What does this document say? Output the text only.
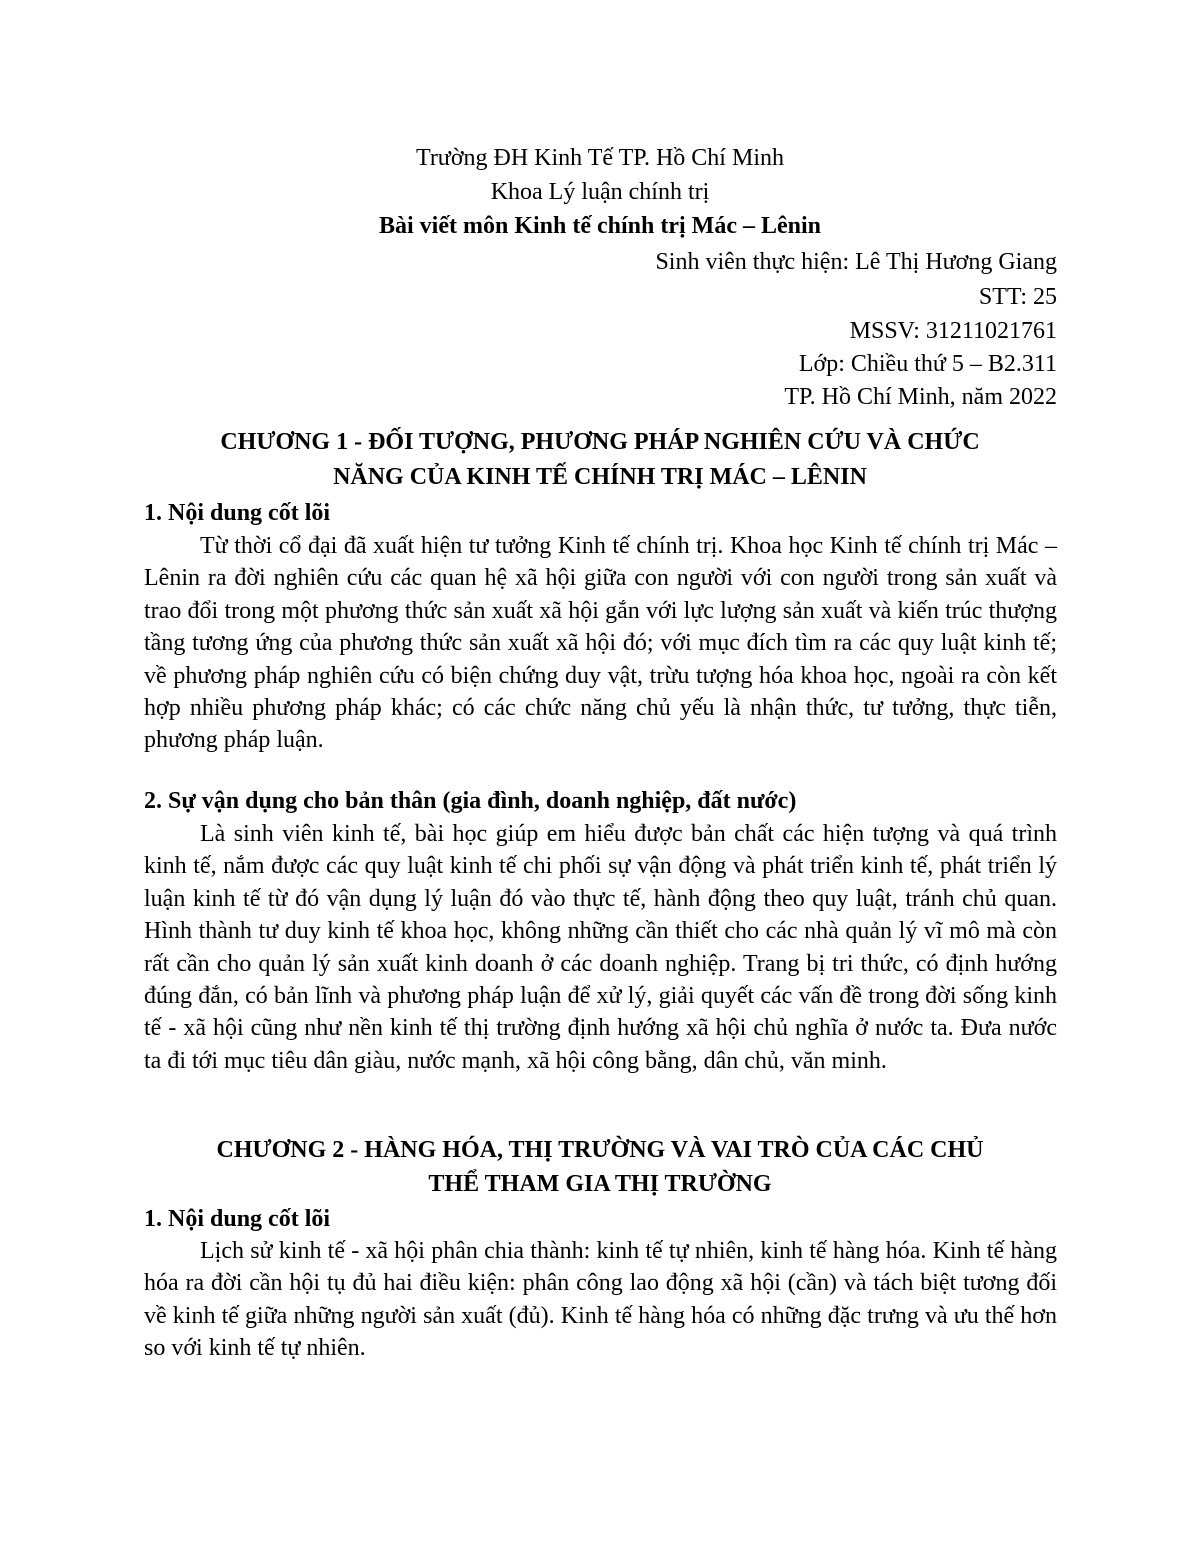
Trường ĐH Kinh Tế TP. Hồ Chí Minh
Khoa Lý luận chính trị
Bài viết môn Kinh tế chính trị Mác – Lênin
Sinh viên thực hiện: Lê Thị Hương Giang
STT: 25
MSSV: 31211021761
Lớp: Chiều thứ 5 – B2.311
TP. Hồ Chí Minh, năm 2022
CHƯƠNG 1 - ĐỐI TƯỢNG, PHƯƠNG PHÁP NGHIÊN CỨU VÀ CHỨC
NĂNG CỦA KINH TẾ CHÍNH TRỊ MÁC – LÊNIN
1. Nội dung cốt lõi

Từ thời cổ đại đã xuất hiện tư tưởng Kinh tế chính trị. Khoa học Kinh tế chính trị Mác – Lênin ra đời nghiên cứu các quan hệ xã hội giữa con người với con người trong sản xuất và trao đổi trong một phương thức sản xuất xã hội gắn với lực lượng sản xuất và kiến trúc thượng tầng tương ứng của phương thức sản xuất xã hội đó; với mục đích tìm ra các quy luật kinh tế; về phương pháp nghiên cứu có biện chứng duy vật, trừu tượng hóa khoa học, ngoài ra còn kết hợp nhiều phương pháp khác; có các chức năng chủ yếu là nhận thức, tư tưởng, thực tiễn, phương pháp luận.

2. Sự vận dụng cho bản thân (gia đình, doanh nghiệp, đất nước)

Là sinh viên kinh tế, bài học giúp em hiểu được bản chất các hiện tượng và quá trình kinh tế, nắm được các quy luật kinh tế chi phối sự vận động và phát triển kinh tế, phát triển lý luận kinh tế từ đó vận dụng lý luận đó vào thực tế, hành động theo quy luật, tránh chủ quan. Hình thành tư duy kinh tế khoa học, không những cần thiết cho các nhà quản lý vĩ mô mà còn rất cần cho quản lý sản xuất kinh doanh ở các doanh nghiệp. Trang bị tri thức, có định hướng đúng đắn, có bản lĩnh và phương pháp luận để xử lý, giải quyết các vấn đề trong đời sống kinh tế - xã hội cũng như nền kinh tế thị trường định hướng xã hội chủ nghĩa ở nước ta. Đưa nước ta đi tới mục tiêu dân giàu, nước mạnh, xã hội công bằng, dân chủ, văn minh.

CHƯƠNG 2 - HÀNG HÓA, THỊ TRƯỜNG VÀ VAI TRÒ CỦA CÁC CHỦ
THỂ THAM GIA THỊ TRƯỜNG
1. Nội dung cốt lõi

Lịch sử kinh tế - xã hội phân chia thành: kinh tế tự nhiên, kinh tế hàng hóa. Kinh tế hàng hóa ra đời cần hội tụ đủ hai điều kiện: phân công lao động xã hội (cần) và tách biệt tương đối về kinh tế giữa những người sản xuất (đủ). Kinh tế hàng hóa có những đặc trưng và ưu thế hơn so với kinh tế tự nhiên.
